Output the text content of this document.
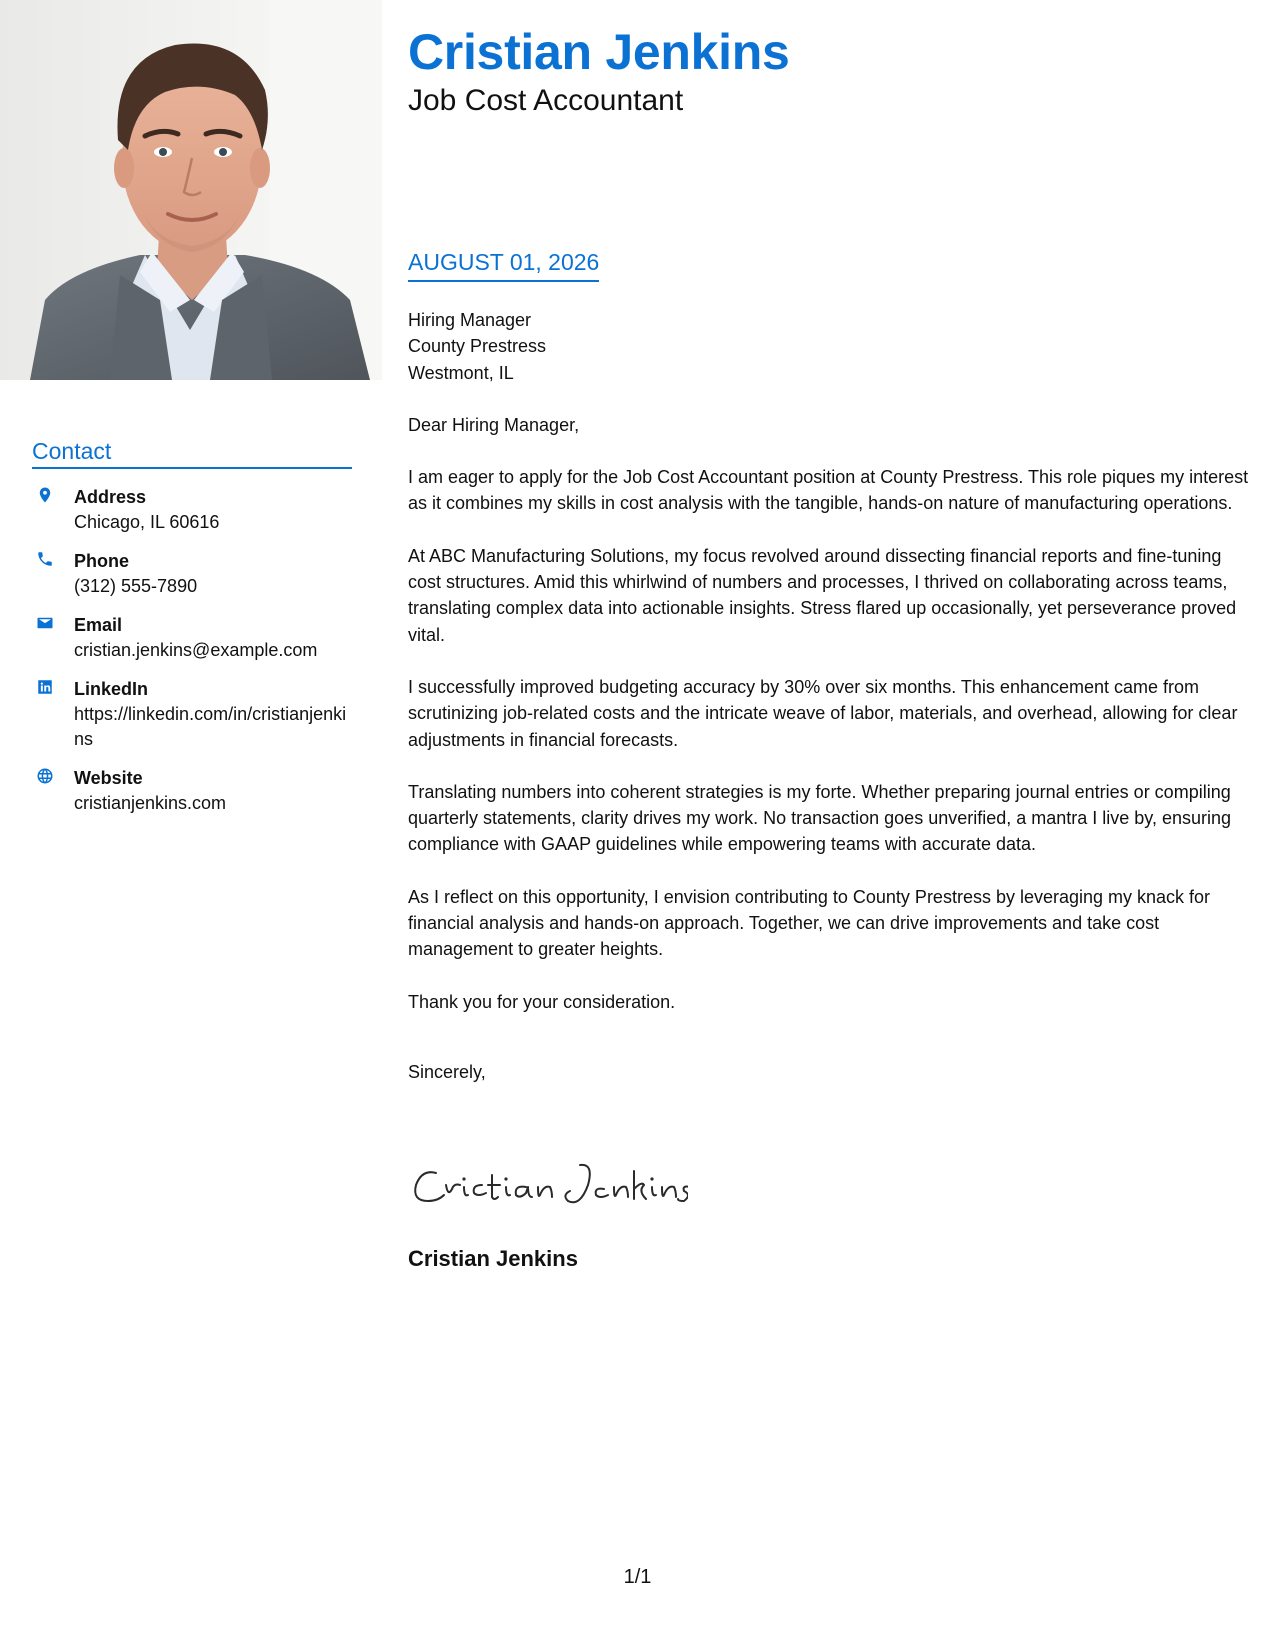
Contact
Address
Chicago, IL 60616
Phone
(312) 555-7890
Email
cristian.jenkins@example.com
LinkedIn
https://linkedin.com/in/cristianjenkins
Website
cristianjenkins.com
Cristian Jenkins
Job Cost Accountant
AUGUST 01, 2026
Hiring Manager
County Prestress
Westmont, IL

Dear Hiring Manager,

I am eager to apply for the Job Cost Accountant position at County Prestress. This role piques my interest as it combines my skills in cost analysis with the tangible, hands-on nature of manufacturing operations.

At ABC Manufacturing Solutions, my focus revolved around dissecting financial reports and fine-tuning cost structures. Amid this whirlwind of numbers and processes, I thrived on collaborating across teams, translating complex data into actionable insights. Stress flared up occasionally, yet perseverance proved vital.

I successfully improved budgeting accuracy by 30% over six months. This enhancement came from scrutinizing job-related costs and the intricate weave of labor, materials, and overhead, allowing for clear adjustments in financial forecasts.

Translating numbers into coherent strategies is my forte. Whether preparing journal entries or compiling quarterly statements, clarity drives my work. No transaction goes unverified, a mantra I live by, ensuring compliance with GAAP guidelines while empowering teams with accurate data.

As I reflect on this opportunity, I envision contributing to County Prestress by leveraging my knack for financial analysis and hands-on approach. Together, we can drive improvements and take cost management to greater heights.

Thank you for your consideration.

Sincerely,

Cristian Jenkins
1/1
